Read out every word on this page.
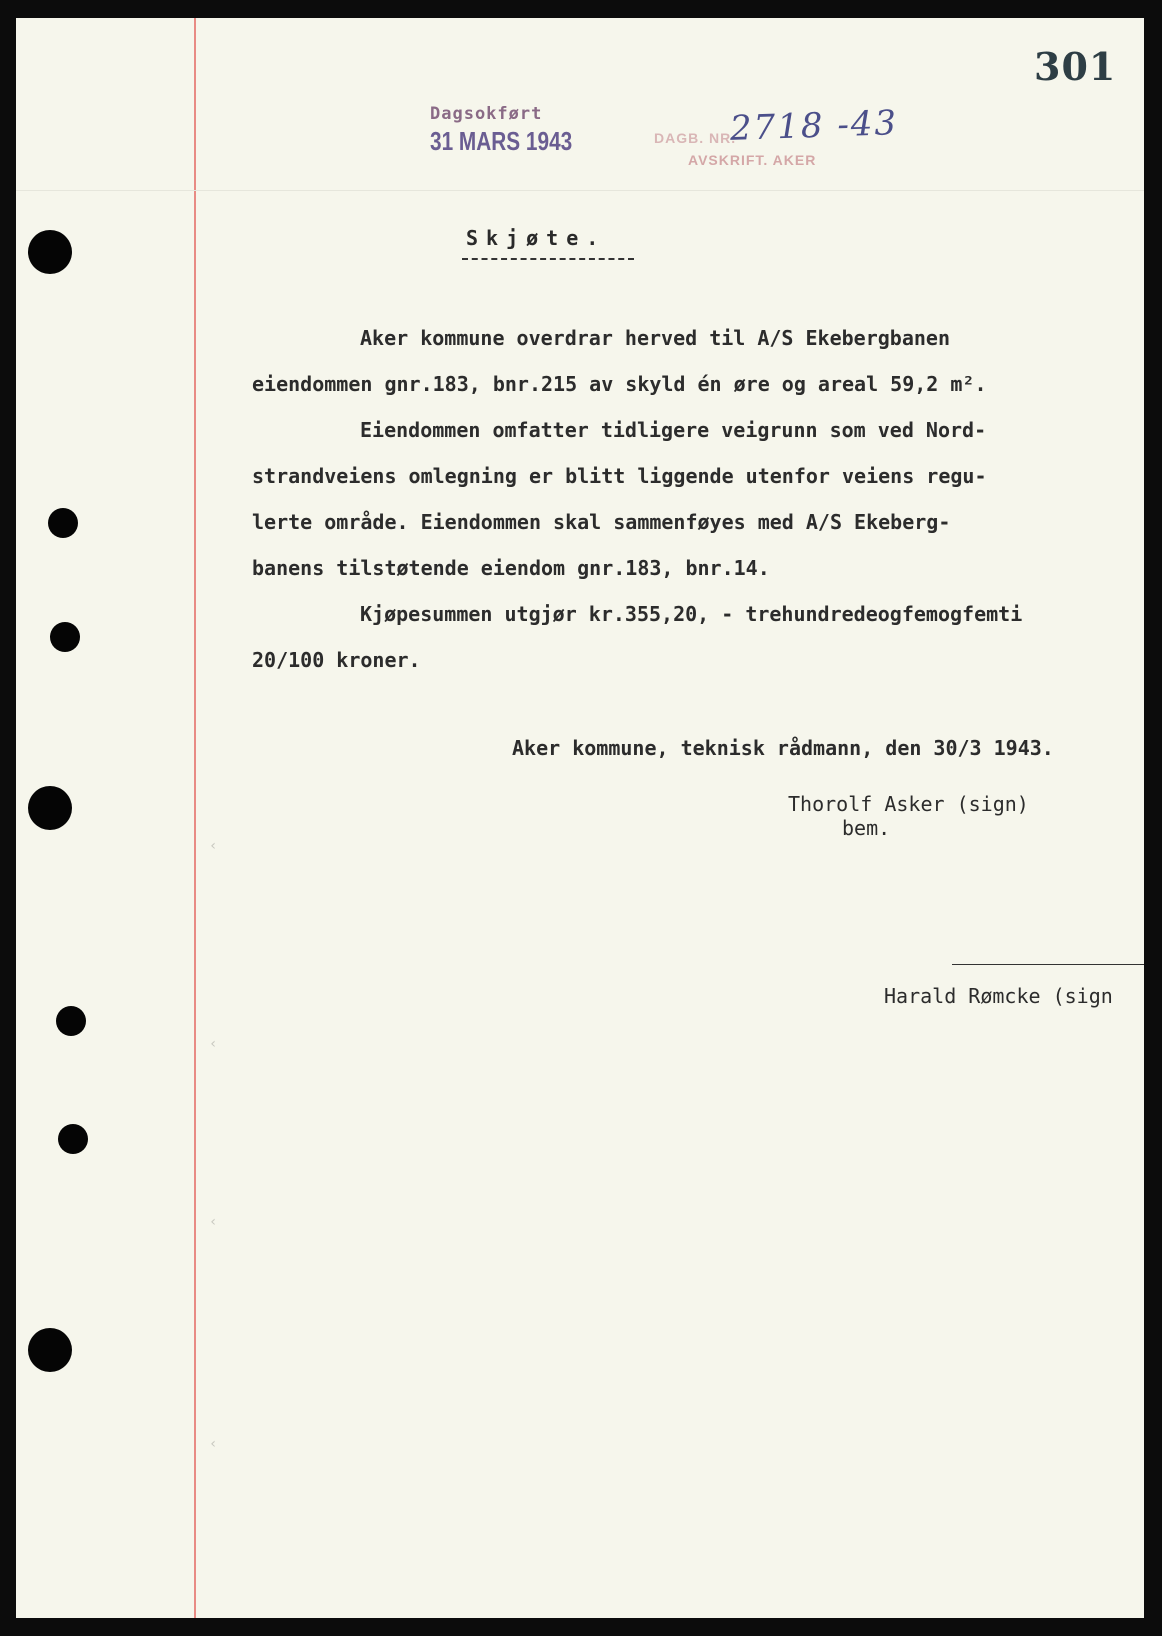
‹
‹
‹
‹
301
Dagsokført
31 MARS 1943	DAGB. NR.
AVSKRIFT. AKER
2718 -43
Skjøte.
Aker kommune overdrar herved til A/S Ekebergbanen
eiendommen gnr.183, bnr.215 av skyld én øre og areal 59,2 m².
Eiendommen omfatter tidligere veigrunn som ved Nord-
strandveiens omlegning er blitt liggende utenfor veiens regu-
lerte område. Eiendommen skal sammenføyes med A/S Ekeberg-
banens tilstøtende eiendom gnr.183, bnr.14.
Kjøpesummen utgjør kr.355,20, - trehundredeogfemogfemti
20/100 kroner.
Aker kommune, teknisk rådmann, den 30/3 1943.
Thorolf Asker (sign)
bem.
Harald Rømcke (sign
